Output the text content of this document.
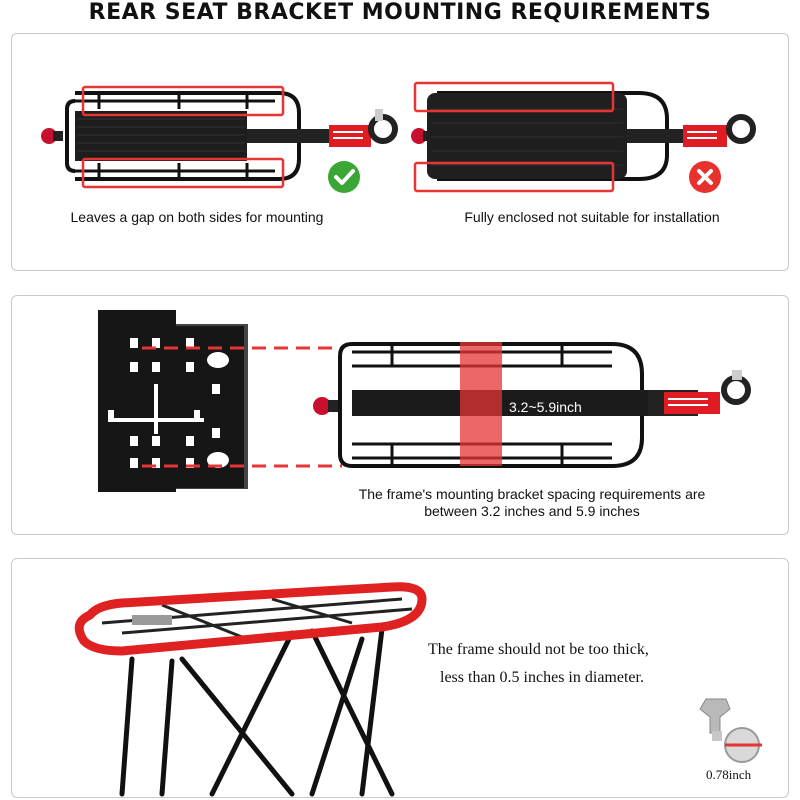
REAR SEAT BRACKET MOUNTING REQUIREMENTS
Leaves a gap on both sides for mounting	Fully enclosed not suitable for installation
3.2~5.9inch
The frame's mounting bracket spacing requirements are
between 3.2 inches and 5.9 inches
The frame should not be too thick,
less than 0.5 inches in diameter.
0.78inch
